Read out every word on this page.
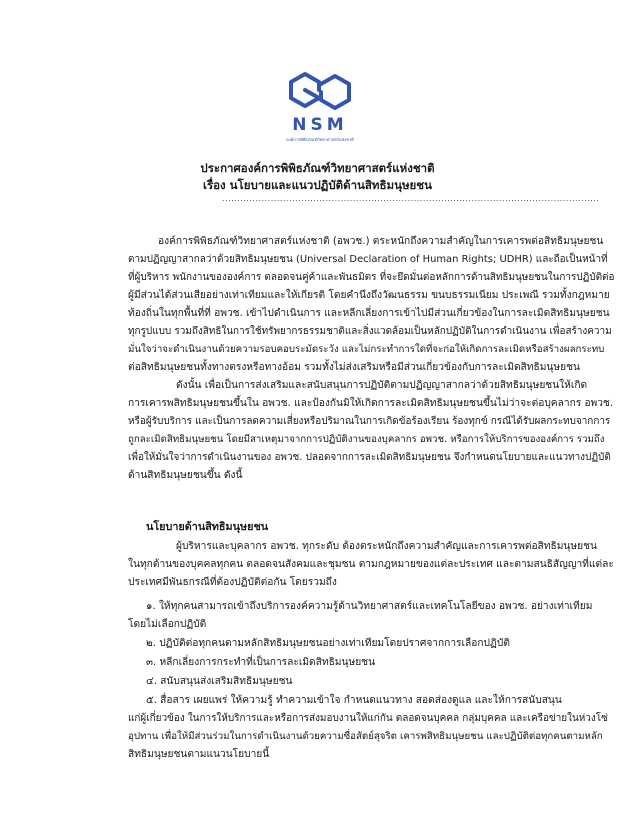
NSM
องค์การพิพิธภัณฑ์วิทยาศาสตร์แห่งชาติ
ประกาศองค์การพิพิธภัณฑ์วิทยาศาสตร์แห่งชาติ
เรื่อง นโยบายและแนวปฏิบัติด้านสิทธิมนุษยชน
............................................................................................................................
องค์การพิพิธภัณฑ์วิทยาศาสตร์แห่งชาติ (อพวช.) ตระหนักถึงความสำคัญในการเคารพต่อสิทธิมนุษยชน
ตามปฏิญญาสากลว่าด้วยสิทธิมนุษยชน (Universal Declaration of Human Rights; UDHR) และถือเป็นหน้าที่
ที่ผู้บริหาร พนักงานขององค์การ ตลอดจนคู่ค้าและพันธมิตร ที่จะยึดมั่นต่อหลักการด้านสิทธิมนุษยชนในการปฏิบัติต่อ
ผู้มีส่วนได้ส่วนเสียอย่างเท่าเทียมและให้เกียรติ โดยคำนึงถึงวัฒนธรรม ขนบธรรมเนียม ประเพณี รวมทั้งกฎหมาย
ท้องถิ่นในทุกพื้นที่ที่ อพวช. เข้าไปดำเนินการ และหลีกเลี่ยงการเข้าไปมีส่วนเกี่ยวข้องในการละเมิดสิทธิมนุษยชน
ทุกรูปแบบ รวมถึงสิทธิในการใช้ทรัพยากรธรรมชาติและสิ่งแวดล้อมเป็นหลักปฏิบัติในการดำเนินงาน เพื่อสร้างความ
มั่นใจว่าจะดำเนินงานด้วยความรอบคอบระมัดระวัง และไม่กระทำการใดที่จะก่อให้เกิดการละเมิดหรือสร้างผลกระทบ
ต่อสิทธิมนุษยชนทั้งทางตรงหรือทางอ้อม รวมทั้งไม่ส่งเสริมหรือมีส่วนเกี่ยวข้องกับการละเมิดสิทธิมนุษยชน
ดังนั้น เพื่อเป็นการส่งเสริมและสนับสนุนการปฏิบัติตามปฏิญญาสากลว่าด้วยสิทธิมนุษยชนให้เกิด
การเคารพสิทธิมนุษยชนขึ้นใน อพวช. และป้องกันมิให้เกิดการละเมิดสิทธิมนุษยชนขึ้นไม่ว่าจะต่อบุคลากร อพวช.
หรือผู้รับบริการ และเป็นการลดความเสี่ยงหรือปริมาณในการเกิดข้อร้องเรียน ร้องทุกข์ กรณีได้รับผลกระทบจากการ
ถูกละเมิดสิทธิมนุษยชน โดยมีสาเหตุมาจากการปฏิบัติงานของบุคลากร อพวช. หรือการให้บริการขององค์การ รวมถึง
เพื่อให้มั่นใจว่าการดำเนินงานของ อพวช. ปลอดจากการละเมิดสิทธิมนุษยชน จึงกำหนดนโยบายและแนวทางปฏิบัติ
ด้านสิทธิมนุษยชนขึ้น ดังนี้
นโยบายด้านสิทธิมนุษยชน
ผู้บริหารและบุคลากร อพวช. ทุกระดับ ต้องตระหนักถึงความสำคัญและการเคารพต่อสิทธิมนุษยชน
ในทุกด้านของบุคคลทุกคน ตลอดจนสังคมและชุมชน ตามกฎหมายของแต่ละประเทศ และตามสนธิสัญญาที่แต่ละ
ประเทศมีพันธกรณีที่ต้องปฏิบัติต่อกัน โดยรวมถึง
๑. ให้ทุกคนสามารถเข้าถึงบริการองค์ความรู้ด้านวิทยาศาสตร์และเทคโนโลยีของ อพวช. อย่างเท่าเทียม
โดยไม่เลือกปฏิบัติ
๒. ปฏิบัติต่อทุกคนตามหลักสิทธิมนุษยชนอย่างเท่าเทียมโดยปราศจากการเลือกปฏิบัติ
๓. หลีกเลี่ยงการกระทำที่เป็นการละเมิดสิทธิมนุษยชน
๔. สนับสนุนส่งเสริมสิทธิมนุษยชน
๕. สื่อสาร เผยแพร่ ให้ความรู้ ทำความเข้าใจ กำหนดแนวทาง สอดส่องดูแล และให้การสนับสนุน
แก่ผู้เกี่ยวข้อง ในการให้บริการและหรือการส่งมอบงานให้แก่กัน ตลอดจนบุคคล กลุ่มบุคคล และเครือข่ายในห่วงโซ่
อุปทาน เพื่อให้มีส่วนร่วมในการดำเนินงานด้วยความซื่อสัตย์สุจริต เคารพสิทธิมนุษยชน และปฏิบัติต่อทุกคนตามหลัก
สิทธิมนุษยชนตามแนวนโยบายนี้
